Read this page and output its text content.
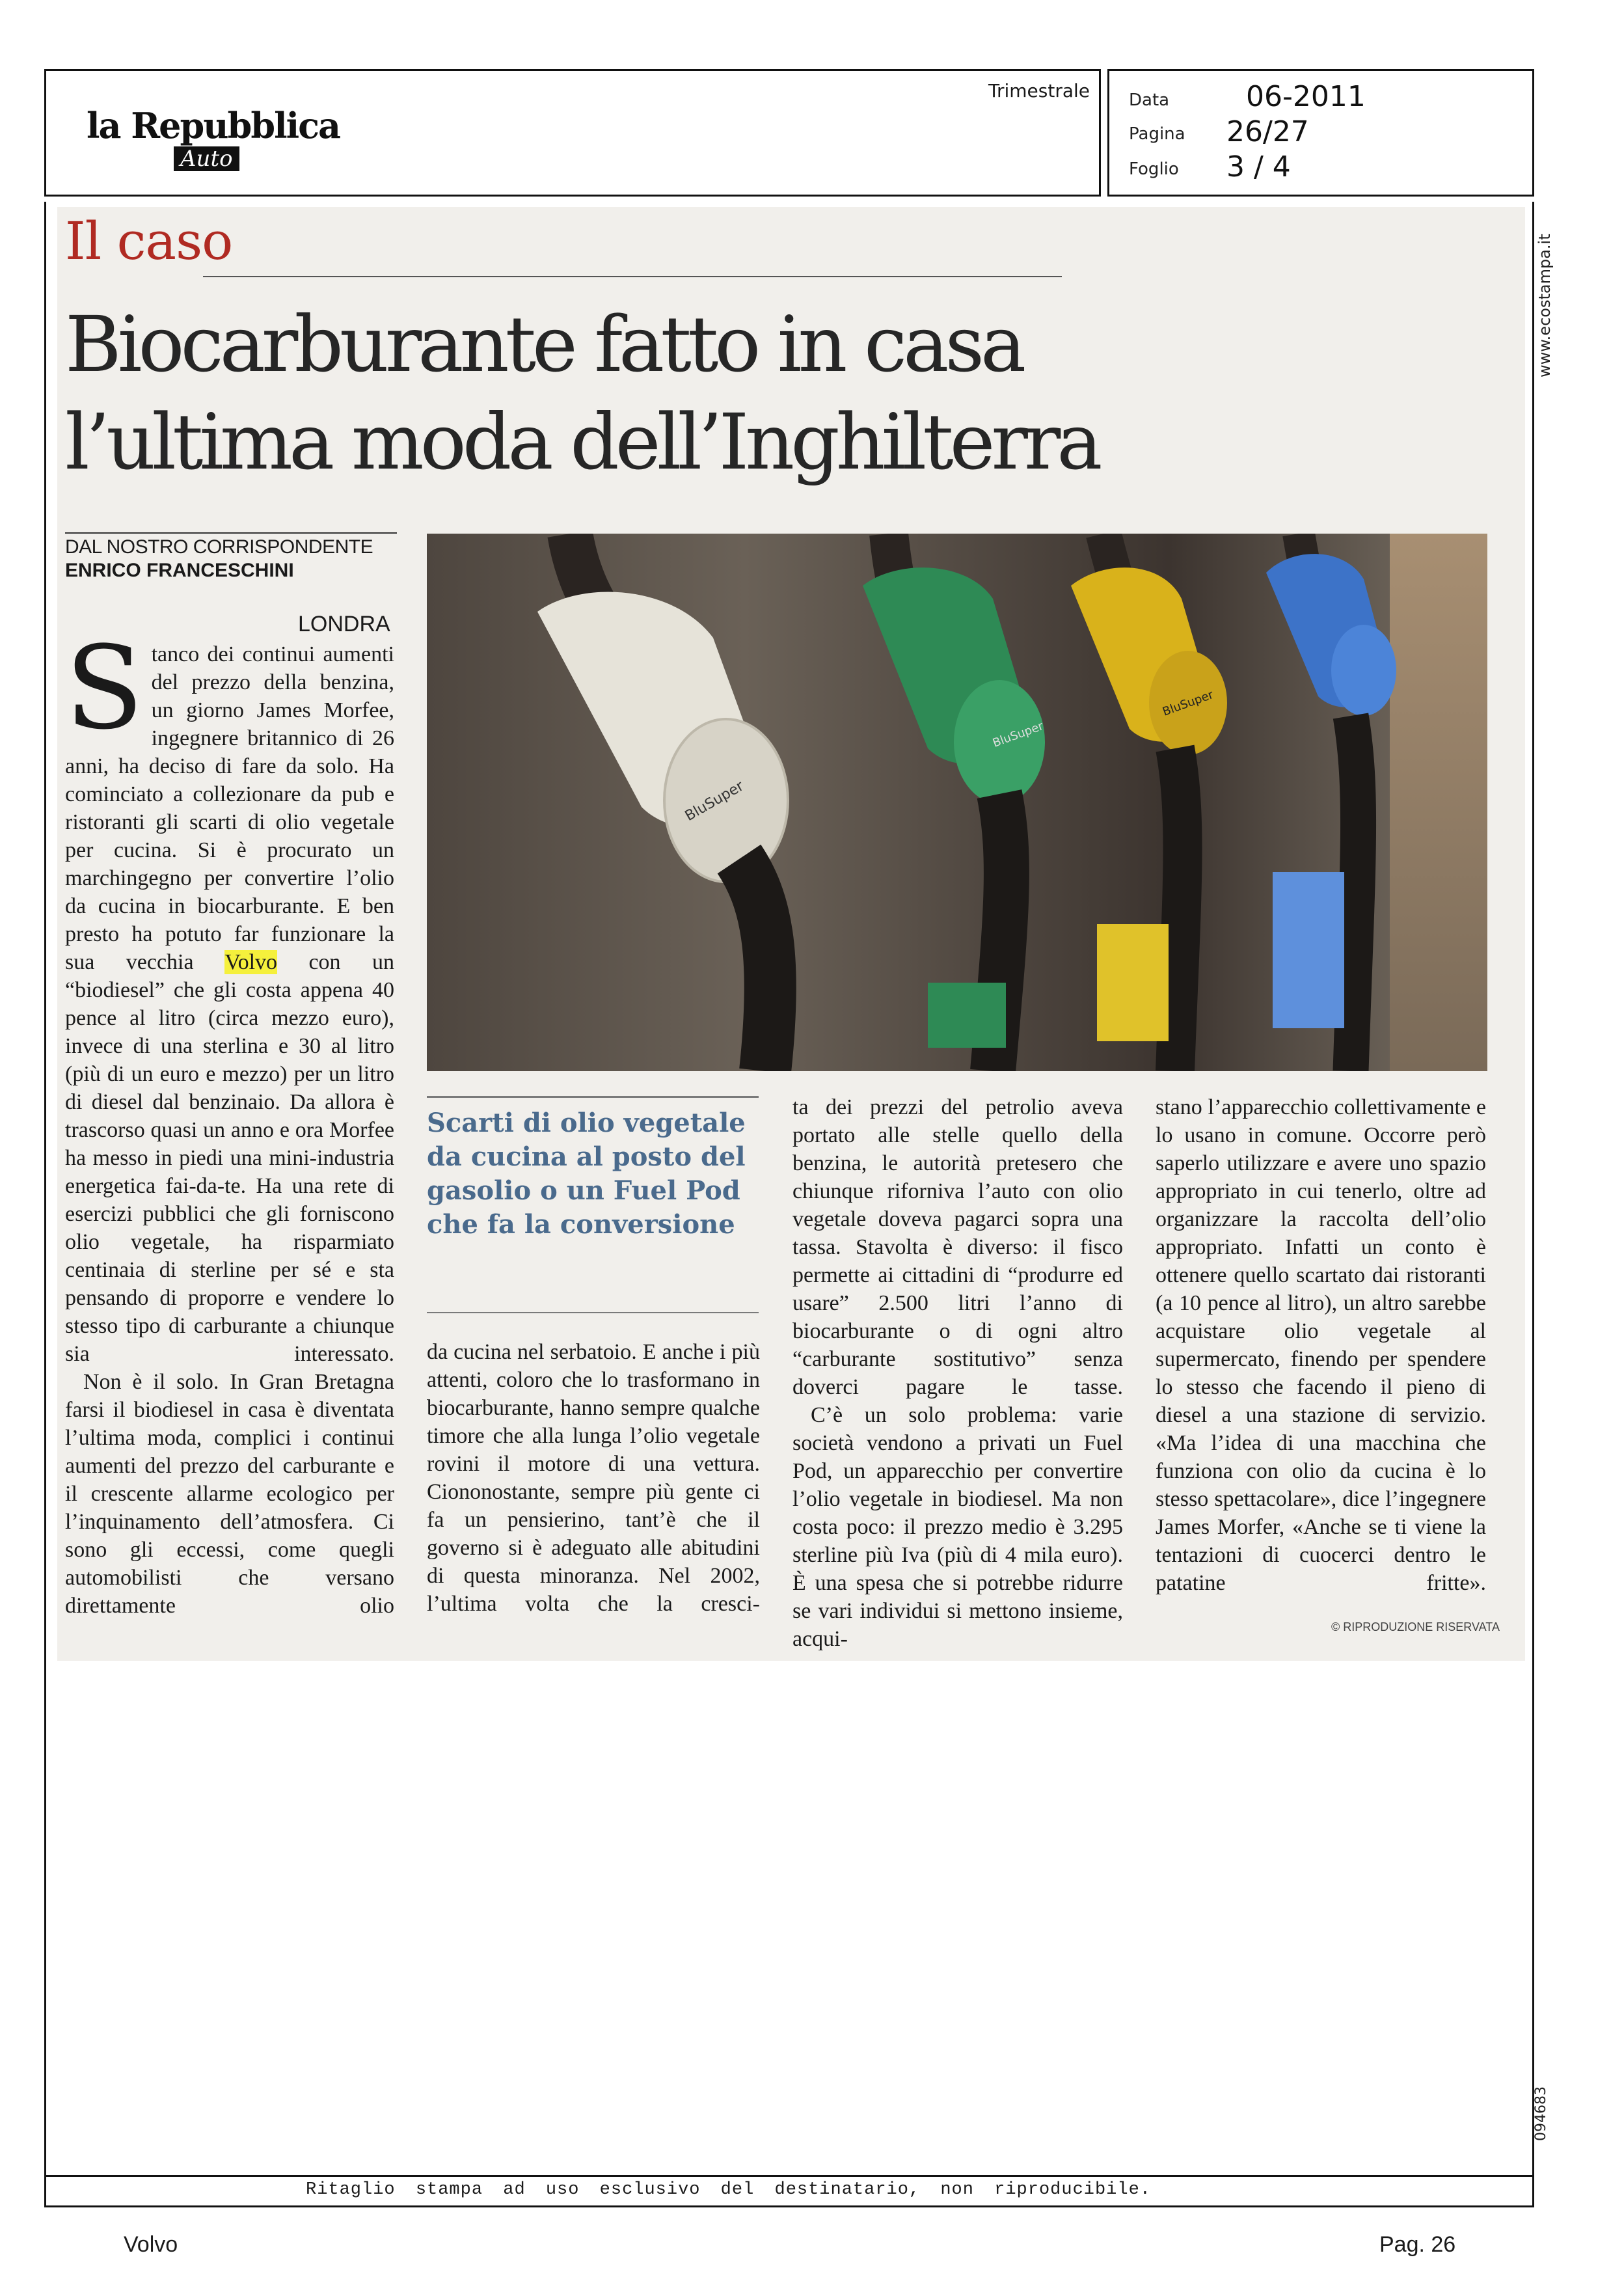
la Repubblica
Auto
Trimestrale Data	06-2011
Pagina 26/27
Foglio 3 / 4
www.ecostampa.it
094683
Ritaglio stampa ad uso esclusivo del destinatario, non riproducibile.
Il caso
Biocarburante fatto in casa
l’ultima moda dell’Inghilterra
DAL NOSTRO CORRISPONDENTE
ENRICO FRANCESCHINI
LONDRA

Stanco dei continui aumenti del prezzo della benzina, un giorno James Morfee, ingegnere britannico di 26 anni, ha deciso di fare da solo. Ha cominciato a collezionare da pub e ristoranti gli scarti di olio vegetale per cucina. Si è procurato un marchingegno per convertire l’olio da cucina in biocarburante. E ben presto ha potuto far funzionare la sua vecchia Volvo con un “biodiesel” che gli costa appena 40 pence al litro (circa mezzo euro), invece di una sterlina e 30 al litro (più di un euro e mezzo) per un litro di diesel dal benzinaio. Da allora è trascorso quasi un anno e ora Morfee ha messo in piedi una mini-industria energetica fai-da-te. Ha una rete di esercizi pubblici che gli forniscono olio vegetale, ha risparmiato centinaia di sterline per sé e sta pensando di proporre e vendere lo stesso tipo di carburante a chiunque sia interessato.

Non è il solo. In Gran Bretagna farsi il biodiesel in casa è diventata l’ultima moda, complici i continui aumenti del prezzo del carburante e il crescente allarme ecologico per l’inquinamento dell’atmosfera. Ci sono gli eccessi, come quegli automobilisti che versano direttamente olio

BluSuper
BluSuper
BluSuper
Scarti di olio vegetale da cucina al posto del gasolio o un Fuel Pod che fa la conversione

da cucina nel serbatoio. E anche i più attenti, coloro che lo trasformano in biocarburante, hanno sempre qualche timore che alla lunga l’olio vegetale rovini il motore di una vettura. Ciononostante, sempre più gente ci fa un pensierino, tant’è che il governo si è adeguato alle abitudini di questa minoranza. Nel 2002, l’ultima volta che la cresci-

ta dei prezzi del petrolio aveva portato alle stelle quello della benzina, le autorità pretesero che chiunque riforniva l’auto con olio vegetale doveva pagarci sopra una tassa. Stavolta è diverso: il fisco permette ai cittadini di “produrre ed usare” 2.500 litri l’anno di biocarburante o di ogni altro “carburante sostitutivo” senza doverci pagare le tasse.

C’è un solo problema: varie società vendono a privati un Fuel Pod, un apparecchio per convertire l’olio vegetale in biodiesel. Ma non costa poco: il prezzo medio è 3.295 sterline più Iva (più di 4 mila euro). È una spesa che si potrebbe ridurre se vari individui si mettono insieme, acqui-

stano l’apparecchio collettivamente e lo usano in comune. Occorre però saperlo utilizzare e avere uno spazio appropriato in cui tenerlo, oltre ad organizzare la raccolta dell’olio appropriato. Infatti un conto è ottenere quello scartato dai ristoranti (a 10 pence al litro), un altro sarebbe acquistare olio vegetale al supermercato, finendo per spendere lo stesso che facendo il pieno di diesel a una stazione di servizio. «Ma l’idea di una macchina che funziona con olio da cucina è lo stesso spettacolare», dice l’ingegnere James Morfer, «Anche se ti viene la tentazioni di cuocerci dentro le patatine fritte».

© RIPRODUZIONE RISERVATA
Volvo	Pag. 26
